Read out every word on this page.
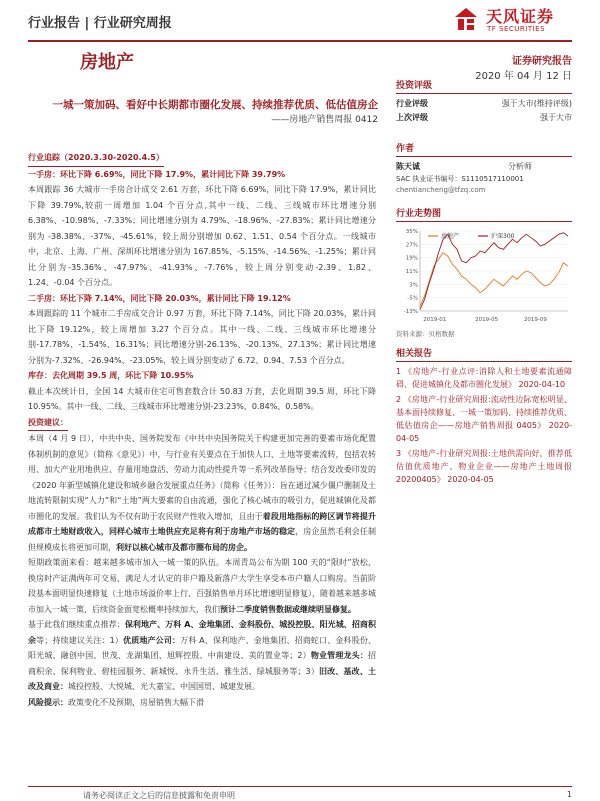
行业报告 | 行业研究周报	天风证券
TF SECURITIES
房地产	证券研究报告
2020 年 04 月 12 日
一城一策加码、看好中长期都市圈化发展、持续推荐优质、低估值房企
——房地产销售周报 0412

行业追踪（2020.3.30-2020.4.5）

一手房：环比下降 6.69%，同比下降 17.9%，累计同比下降 39.79%

本周跟踪 36 大城市一手房合计成交 2.61 万套，环比下降 6.69%，同比下降 17.9%，累计同比下降 39.79%,较前一周增加 1.04 个百分点,其中一线、二线、三线城市环比增速分别 6.38%、-10.98%、-7.33%；同比增速分别为 4.79%、-18.96%、-27.83%；累计同比增速分别为 -38.38%、-37%、-45.61%，较上周分别增加 0.62、1.51、0.54 个百分点。一线城市中，北京、上海、广州、深圳环比增速分别为 167.85%、-5.15%、-14.56%、-1.25%；累计同比分别为-35.36%、-47.97%、-41.93%、-7.76%，较上周分别变动-2.39、1.82、1.24、-0.04 个百分点。

二手房：环比下降 7.14%，同比下降 20.03%，累计同比下降 19.12%

本周跟踪的 11 个城市二手房成交合计 0.97 万套，环比下降 7.14%，同比下降 20.03%，累计同比下降 19.12%，较上周增加 3.27 个百分点。其中一线、二线、三线城市环比增速分别-17.78%、-1.54%、16.31%；同比增速分别-26.13%、-20.13%、27.13%；累计同比增速分别为-7.32%、-26.94%、-23.05%，较上周分别变动了 6.72、0.94、7.53 个百分点。

库存：去化周期 39.5 周，环比下降 10.95%

截止本次统计日，全国 14 大城市住宅可售套数合计 50.83 万套，去化周期 39.5 周，环比下降 10.95%。其中一线、二线、三线城市环比增速分别-23.23%、0.84%、0.58%。

投资建议：

本周（4 月 9 日），中共中央、国务院发布《中共中央国务院关于构建更加完善的要素市场化配置体制机制的意见》（简称《意见》）中，与行业有关要点在于加快人口、土地等要素流转，包括农转用、加大产业用地供应、存量用地盘活、劳动力流动性提升等一系列改革指导；结合发改委印发的《2020 年新型城镇化建设和城乡融合发展重点任务》（简称《任务》）：旨在通过减少僵户删制及土地流转限制实现“人力”和“土地”两大要素的自由流通，强化了核心城市的吸引力，促进城镇化及都市圈化的发展。我们认为不仅有助于农民财产性收入增加，且由于着段用地指标的跨区调节将提升成都市土地财政收入，同样心城市土地供应充足将有利于房地产市场的稳定，房企虽然毛利会任制但规模成长将更加可期，利好以核心城市及都市圈布局的房企。

短期政策面来看：越来越多城市加入一城一策的队伍。本周青岛公布为期 100 天的“限时”放松，换房时产证满两年可交易，满足人才认定的非户籍及新落户大学生享受本市户籍人口购房。当前阶段基本面明显快速修复（土地市场溢价率上行、百强销售单月环比增速明显修复），随着越来越多城市加入一城一策，后续资金面宽松概率持续加大，我们预计二季度销售数据或继续明显修复。

基于此我们继续重点推荐：保利地产、万科 A、金地集团、金科股份、城投控股、阳光城、招商积余等；持续建议关注：1）优质地产公司：万科 A、保利地产、金地集团、招商蛇口、金科股份、阳光城、融创中国、世茂、龙湖集团、旭辉控股、中南建设、美的置业等；2）物业管理龙头：招商积余、保利物业、碧桂园服务、新城悦、永升生活、雅生活、绿城服务等；3）旧改、基改、土改及商业：城投控股、大悦城、光大嘉宝、中国国贸、城建发展。

风险提示：政策变化不及预期，房屋销售大幅下滑

投资评级
行业评级	强于大市(维持评级)
上次评级	强于大市
作者
陈天诚	分析师
SAC 执业证书编号：S1110517110001
chentiancheng@tfzq.com
行业走势图
-13%
-5%
3%
11%
19%
27%
35%
2019-01	2019-05	2019-09
房地产	沪深300
资料来源：贝格数据
相关报告

1 《房地产-行业点评:消除人和土地要素流通障碍、促进城镇化及都市圈化发展》 2020-04-10

2 《房地产-行业研究周报:流动性边际宽松明显、基本面持续修复、一城一策加码、持续推荐优质、低估值房企——房地产销售周报 0405》 2020-04-05

3 《房地产-行业研究周报:土地供需向好，推荐低估值优质地产、物业企业——房地产土地周报 20200405》 2020-04-05

请务必阅读正文之后的信息披露和免责申明	1
